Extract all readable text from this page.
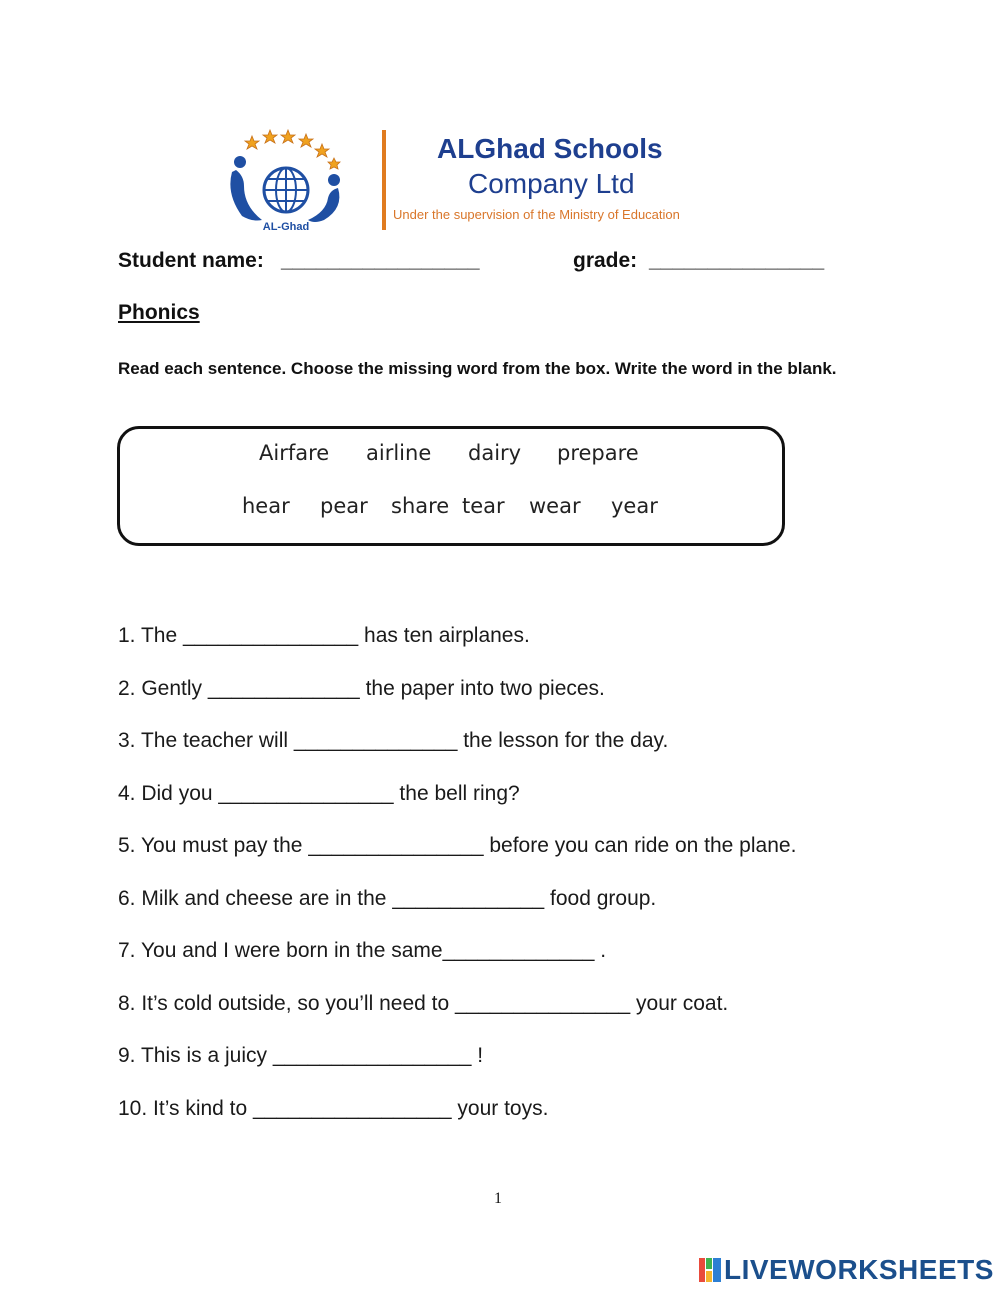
AL-Ghad
ALGhad Schools
Company Ltd
Under the supervision of the Ministry of Education
Student name: _________________	grade: _______________
Phonics
Read each sentence. Choose the missing word from the box. Write the word in the blank.
Airfare airline dairy prepare
hear pear share tear wear year
1. The _______________ has ten airplanes.
2. Gently _____________ the paper into two pieces.
3. The teacher will ______________ the lesson for the day.
4. Did you _______________ the bell ring?
5. You must pay the _______________ before you can ride on the plane.
6. Milk and cheese are in the _____________ food group.
7. You and I were born in the same_____________ .
8. It’s cold outside, so you’ll need to _______________ your coat.
9. This is a juicy _________________ !
10. It’s kind to _________________ your toys.
1
LIVEWORKSHEETS
